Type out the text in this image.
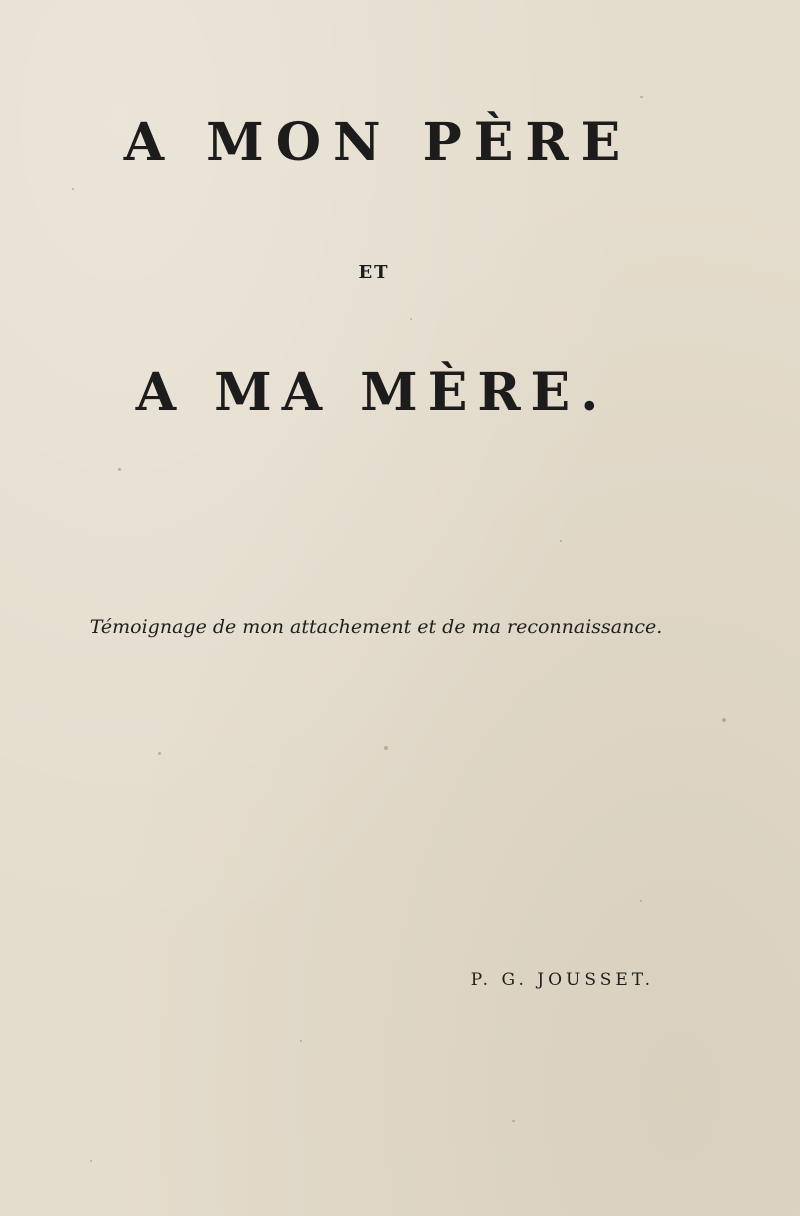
A MON PÈRE
ET
A MA MÈRE.
Témoignage de mon attachement et de ma reconnaissance.
P. G. JOUSSET.
